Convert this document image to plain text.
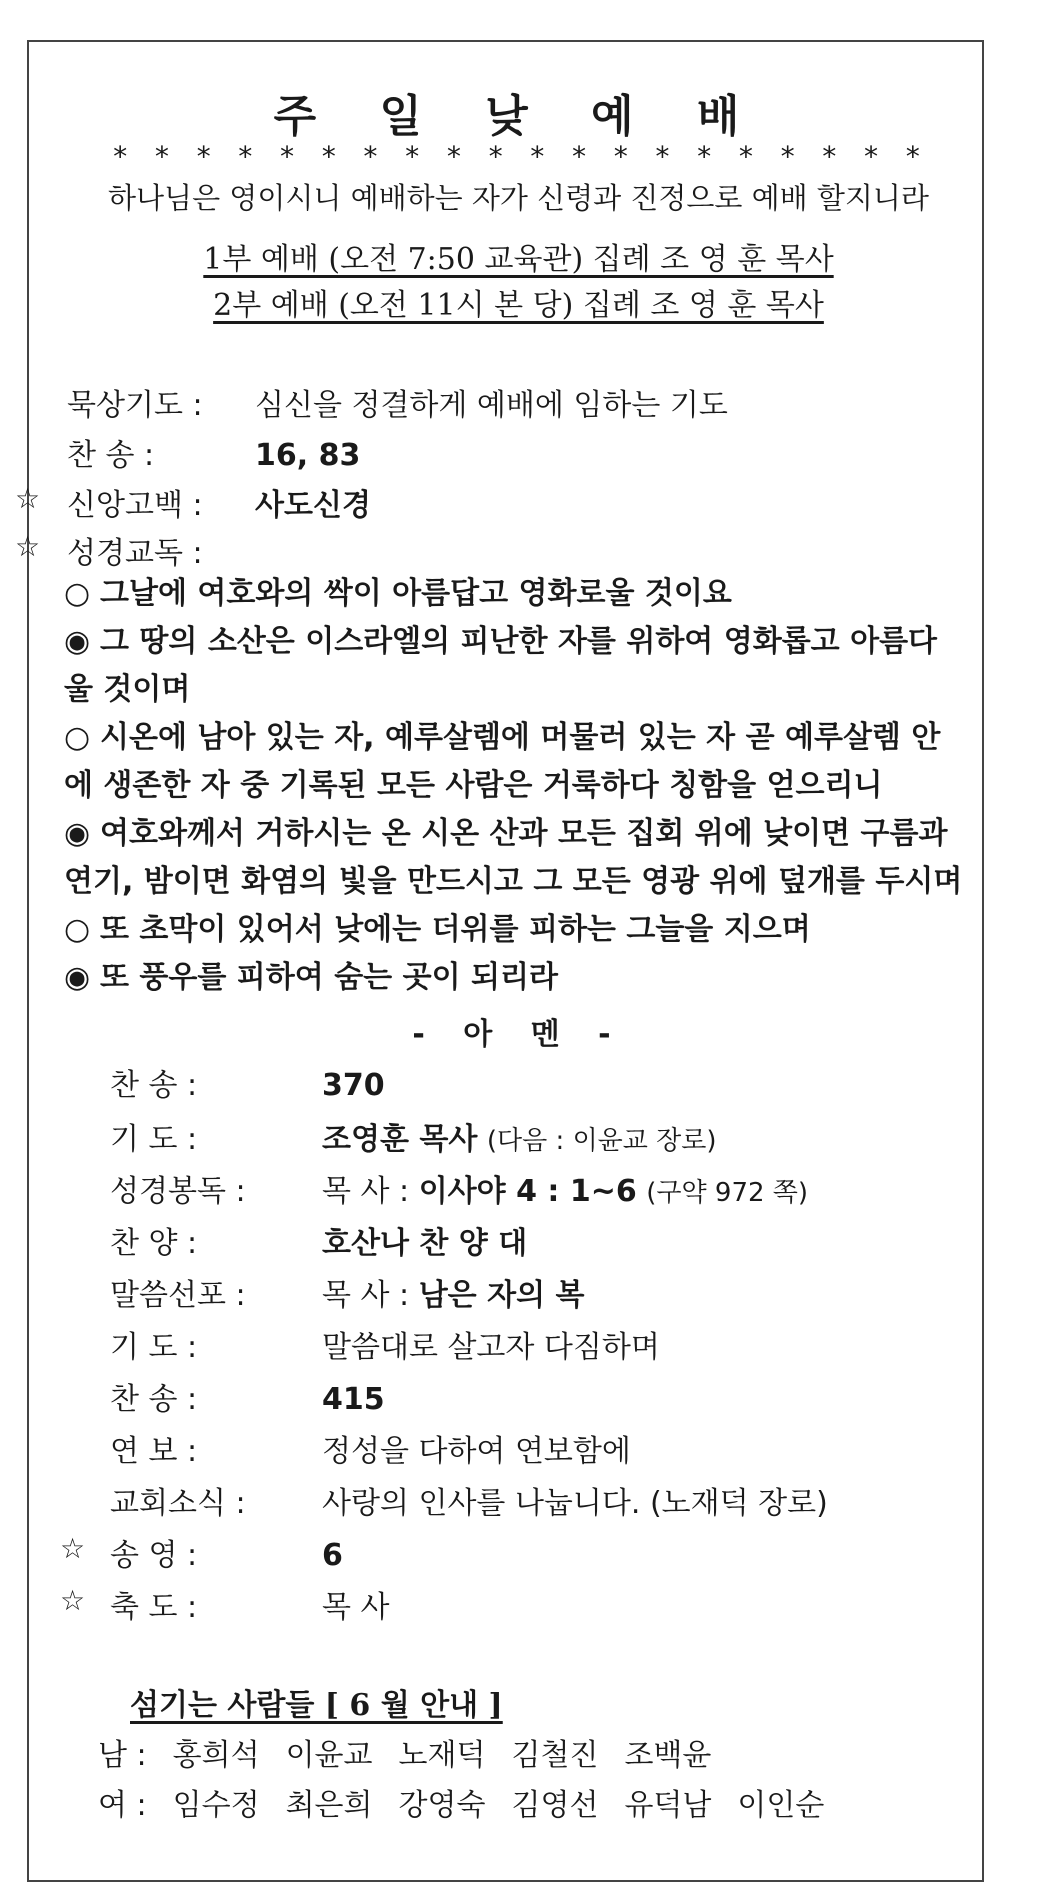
주 일 낮 예 배
* * * * * * * * * * * * * * * * * * * *
하나님은 영이시니 예배하는 자가 신령과 진정으로 예배 할지니라
1부 예배 (오전 7:50 교육관) 집례 조 영 훈 목사
2부 예배 (오전 11시 본 당) 집례 조 영 훈 목사
묵상기도 : 심신을 정결하게 예배에 임하는 기도
찬 송 :	16, 83
☆ 신앙고백 : 사도신경
☆ 성경교독 :
○ 그날에 여호와의 싹이 아름답고 영화로울 것이요
◉ 그 땅의 소산은 이스라엘의 피난한 자를 위하여 영화롭고 아름다울 것이며
○ 시온에 남아 있는 자, 예루살렘에 머물러 있는 자 곧 예루살렘 안에 생존한 자 중 기록된 모든 사람은 거룩하다 칭함을 얻으리니
◉ 여호와께서 거하시는 온 시온 산과 모든 집회 위에 낮이면 구름과 연기, 밤이면 화염의 빛을 만드시고 그 모든 영광 위에 덮개를 두시며
○ 또 초막이 있어서 낮에는 더위를 피하는 그늘을 지으며
◉ 또 풍우를 피하여 숨는 곳이 되리라
- 아 멘 -
찬 송 :	370
기 도 :	조영훈 목사 (다음 : 이윤교 장로)
성경봉독 :	목 사 : 이사야 4 : 1~6 (구약 972 쪽)
찬 양 :	호산나 찬 양 대
말씀선포 :	목 사 : 남은 자의 복
기 도 :	말씀대로 살고자 다짐하며
찬 송 :	415
연 보 :	정성을 다하여 연보함에
교회소식 :	사랑의 인사를 나눕니다. (노재덕 장로)
☆ 송 영 :	6
☆ 축 도 :	목 사
섬기는 사람들 [ 6 월 안내 ]
남 : 홍희석 이윤교 노재덕 김철진 조백윤
여 : 임수정 최은희 강영숙 김영선 유덕남 이인순
